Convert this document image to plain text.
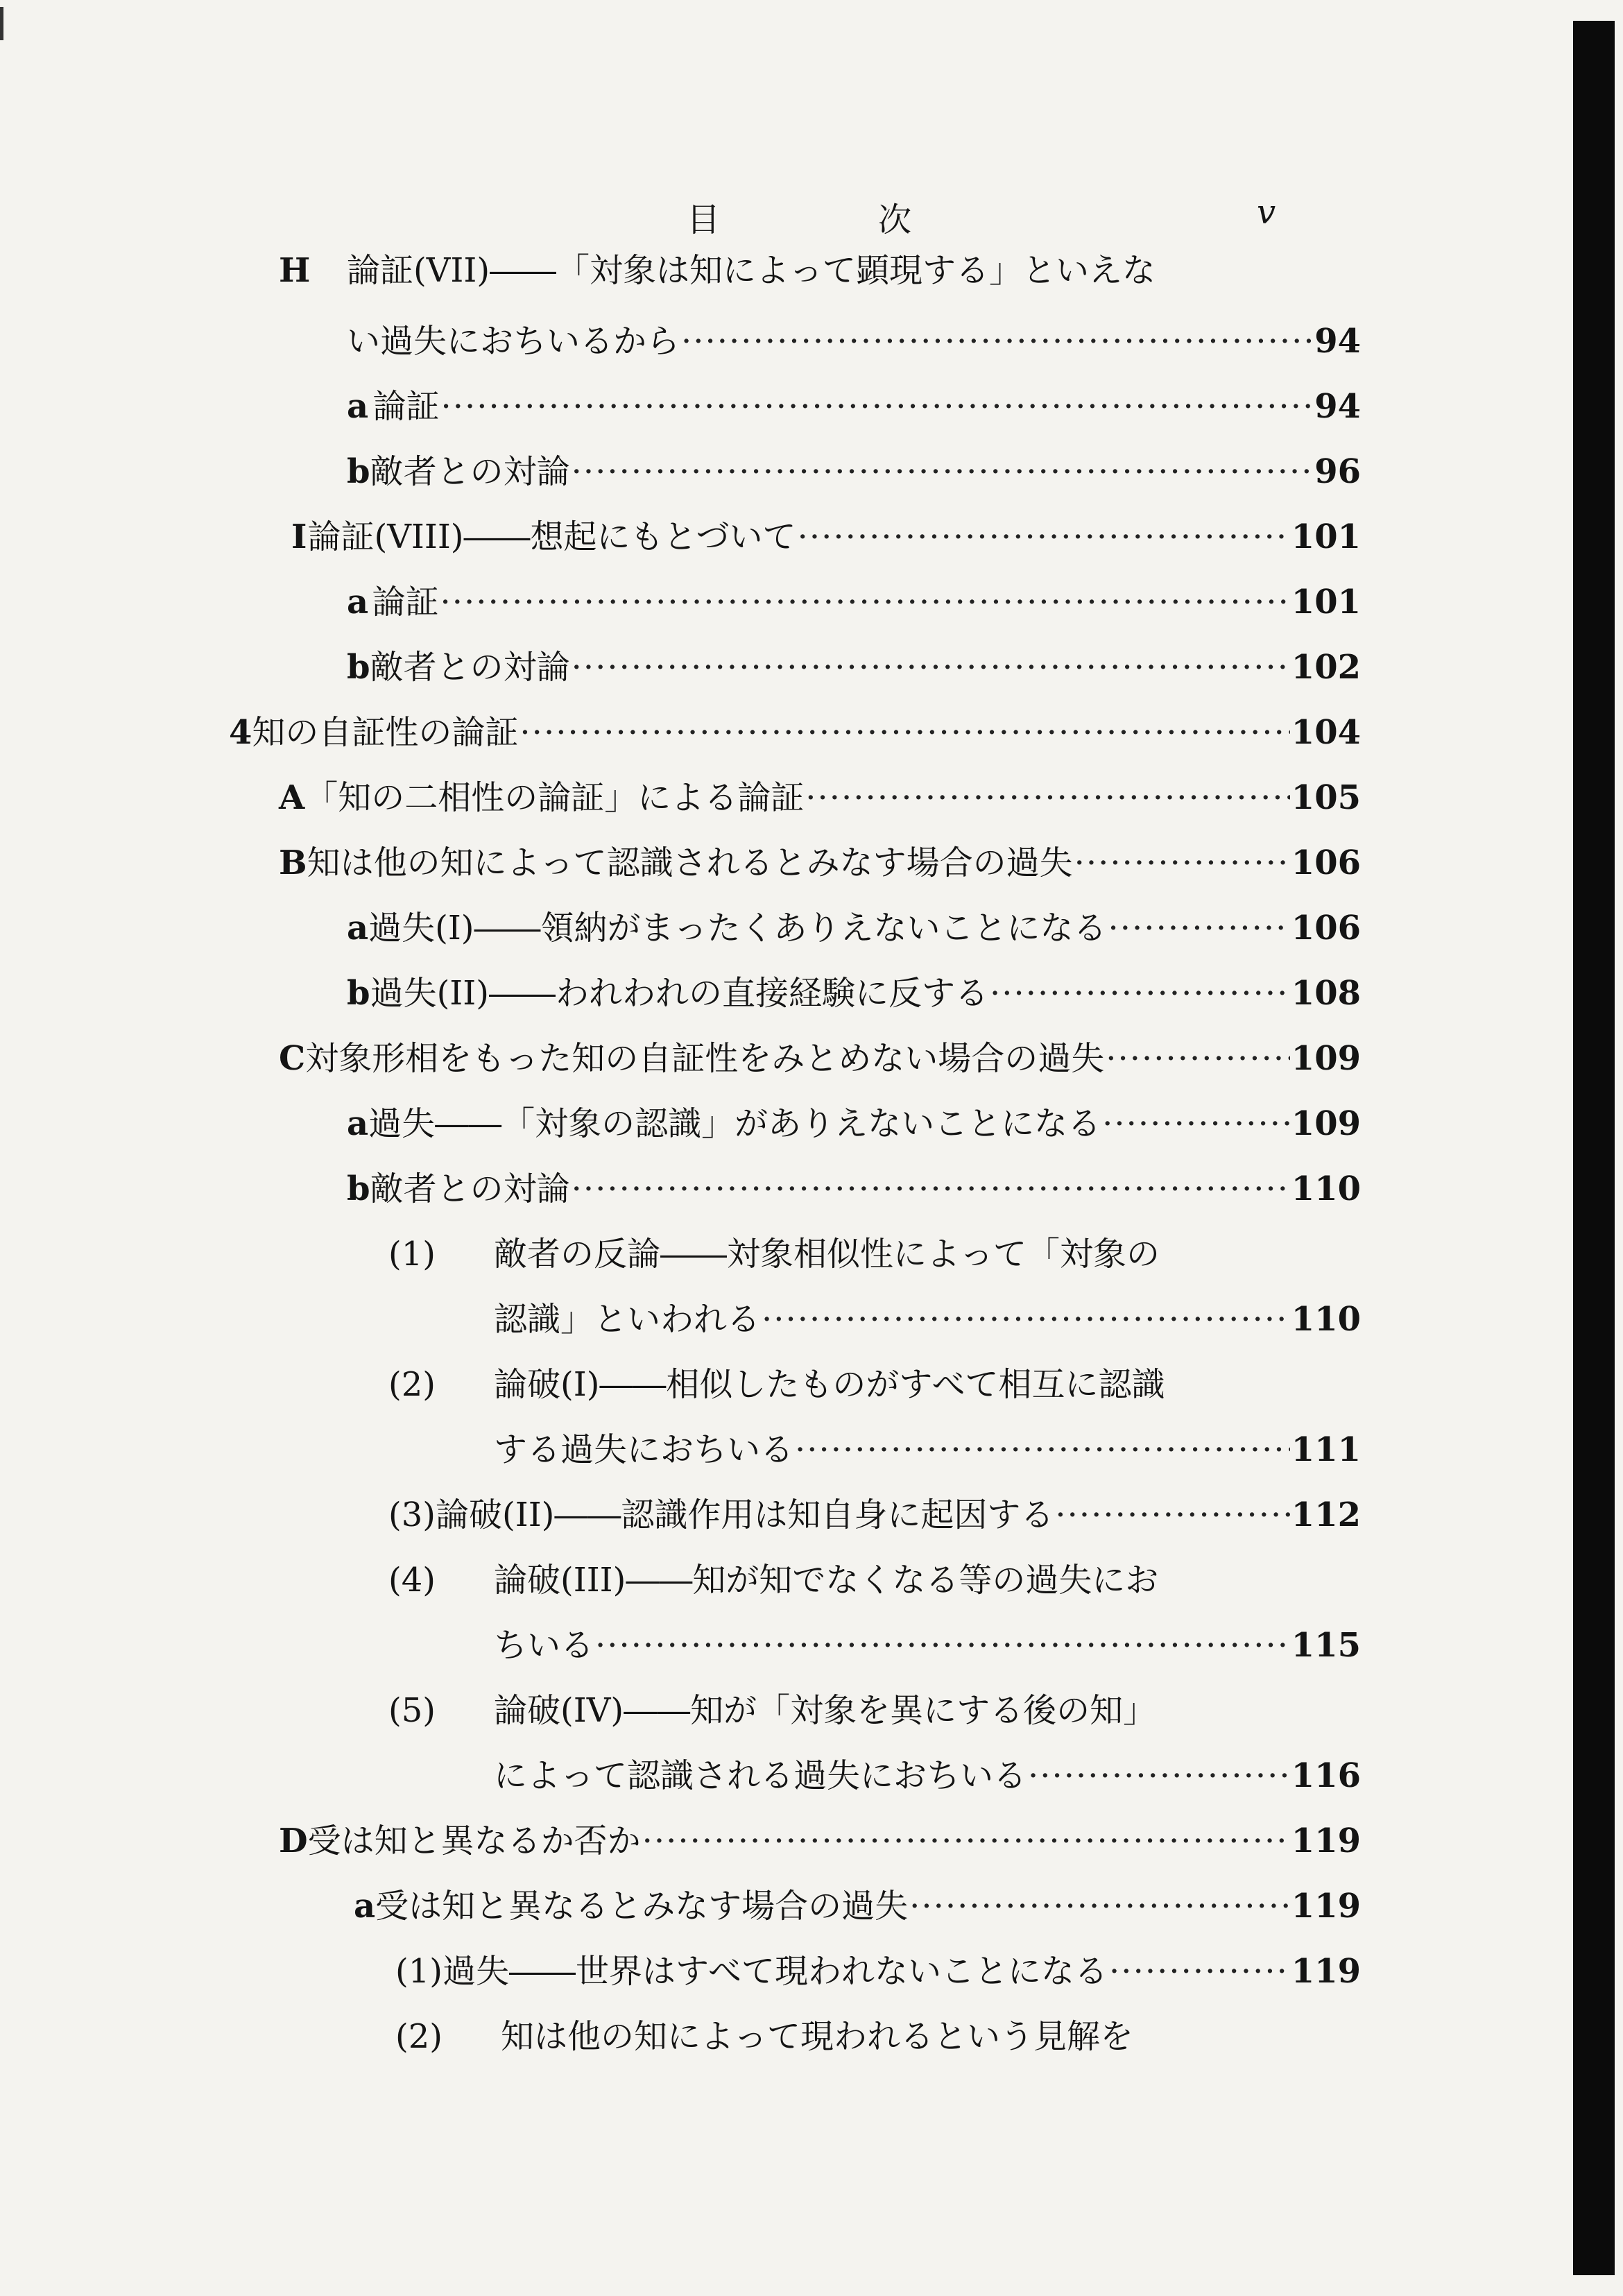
目　次	v
H	論証(VII)――「対象は知によって顕現する」といえな
い過失におちいるから ·····	94
a 論証 ·····	94
b 敵者との対論 ·····	96
I 論証(VIII)――想起にもとづいて ·····	101
a 論証 ·····	101
b 敵者との対論 ·····	102
4 知の自証性の論証 ·····	104
A 「知の二相性の論証」による論証 ·····	105
B 知は他の知によって認識されるとみなす場合の過失 ·····	106
a 過失(I)――領納がまったくありえないことになる ·····	106
b 過失(II)――われわれの直接経験に反する ·····	108
C 対象形相をもった知の自証性をみとめない場合の過失 ·····	109
a 過失――「対象の認識」がありえないことになる ·····	109
b 敵者との対論 ·····	110
(1)	敵者の反論――対象相似性によって「対象の
認識」といわれる ·····	110
(2)	論破(I)――相似したものがすべて相互に認識
する過失におちいる ·····	111
(3) 論破(II)――認識作用は知自身に起因する ·····	112
(4)	論破(III)――知が知でなくなる等の過失にお
ちいる ·····	115
(5)	論破(IV)――知が「対象を異にする後の知」
によって認識される過失におちいる ·····	116
D 受は知と異なるか否か ·····	119
a 受は知と異なるとみなす場合の過失 ·····	119
(1) 過失――世界はすべて現われないことになる ·····	119
(2)	知は他の知によって現われるという見解を
